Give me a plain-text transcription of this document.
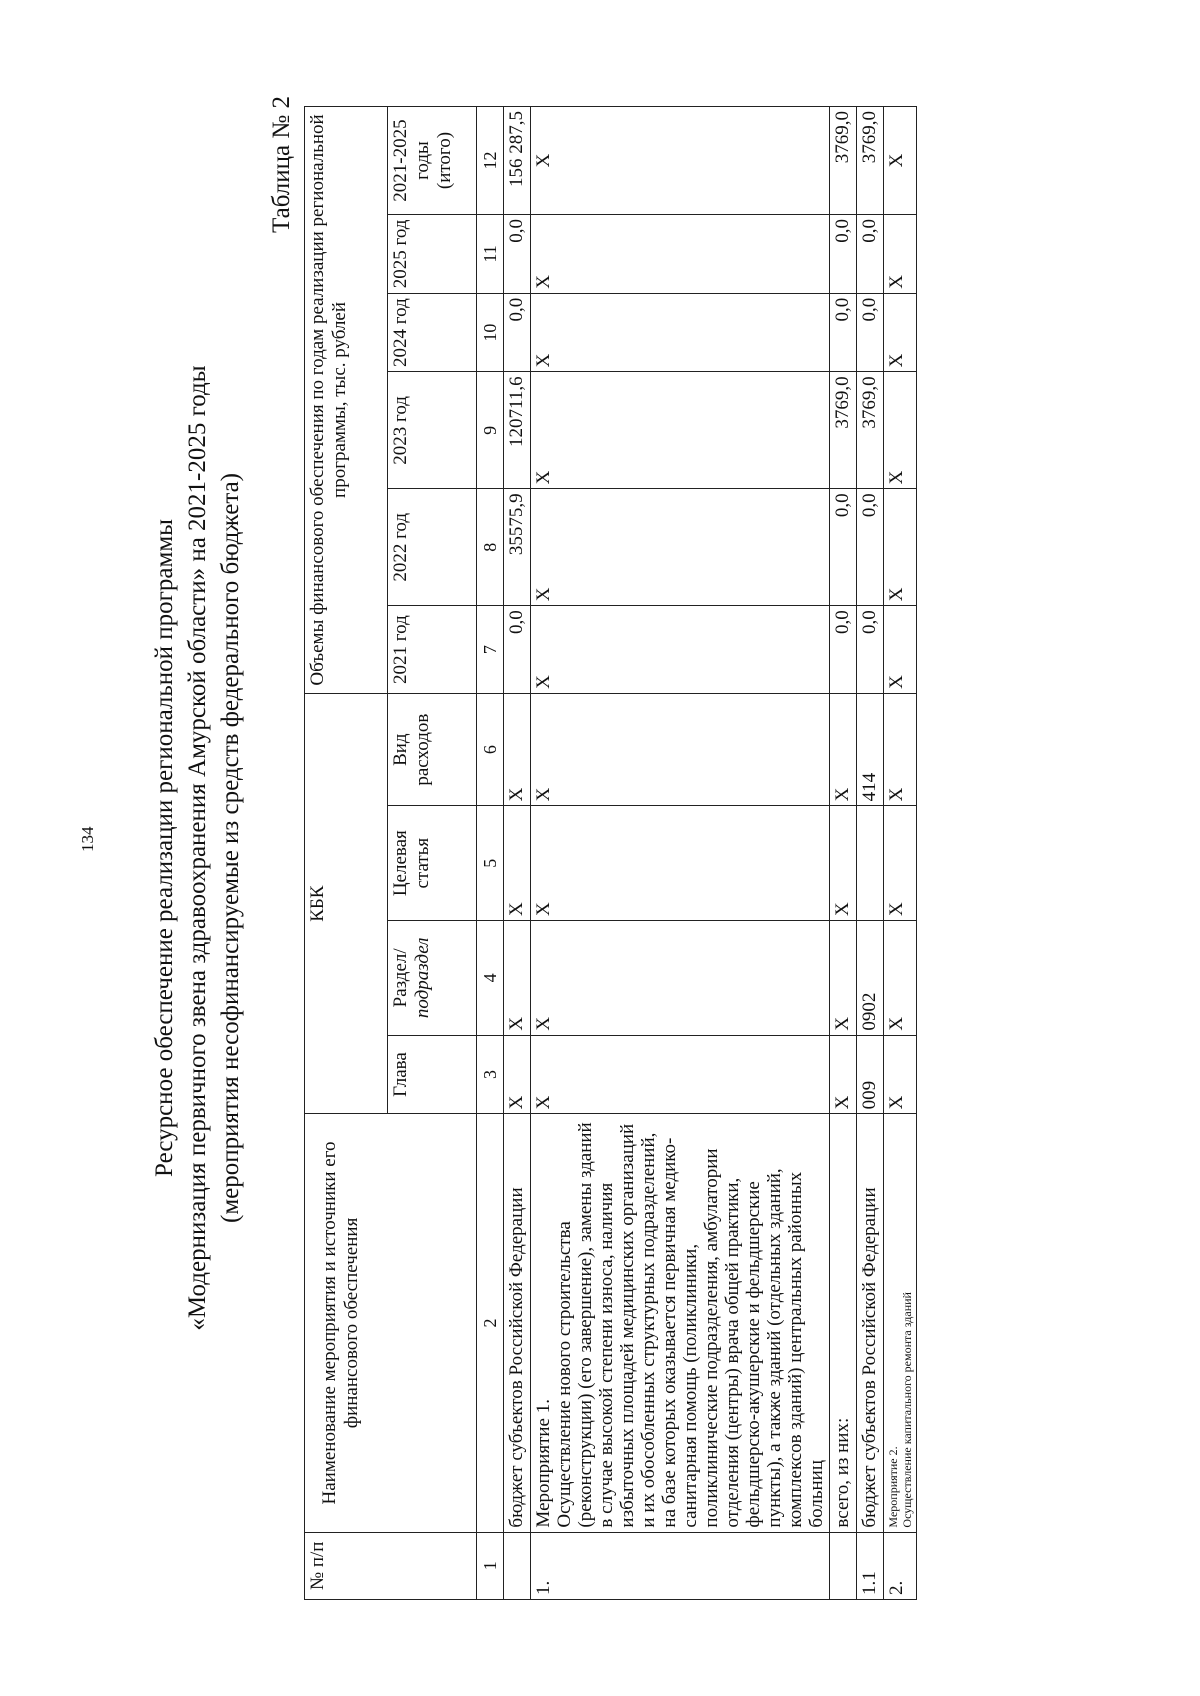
134 Ресурсное обеспечение реализации региональной программы «Модернизация первичного звена здравоохранения Амурской области» на 2021-2025 годы (мероприятия несофинансируемые из средств федерального бюджета)
Таблица № 2
№ п/п	Наименование мероприятия и источники его финансового обеспечения	КБК				Объемы финансового обеспечения по годам реализации региональной программы, тыс. рублей					
		Глава	Раздел/ подраздел	Целевая статья	Вид расходов	2021 год	2022 год	2023 год	2024 год	2025 год	2021-2025 годы (итого)
1	2	3	4	5	6	7	8	9	10	11	12
	бюджет субъектов Российской Федерации	X	X	X	X	0,0	35575,9	120711,6	0,0	0,0	156 287,5
1.	Мероприятие 1. Осуществление нового строительства (реконструкции) (его завершение), замены зданий в случае высокой степени износа, наличия избыточных площадей медицинских организаций и их обособленных структурных подразделений, на базе которых оказывается первичная медико-санитарная помощь (поликлиники, поликлинические подразделения, амбулатории отделения (центры) врача общей практики, фельдшерско-акушерские и фельдшерские пункты), а также зданий (отдельных зданий, комплексов зданий) центральных районных больниц	X	X	X	X	X	X	X	X	X	X
	всего, из них:	X	X	X	X	0,0	0,0	3769,0	0,0	0,0	3769,0
1.1	бюджет субъектов Российской Федерации	009	0902		414	0,0	0,0	3769,0	0,0	0,0	3769,0
2.	Мероприятие 2. Осуществление капитального ремонта зданий	X	X	X	X	X	X	X	X	X	X
